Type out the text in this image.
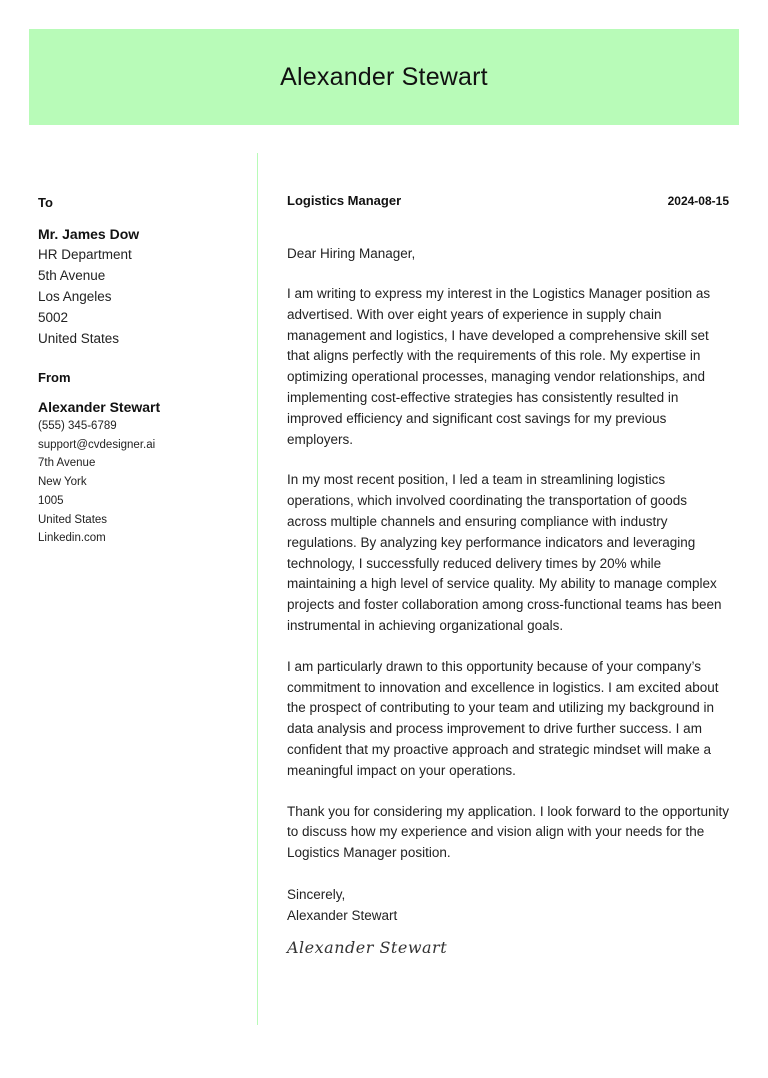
Alexander Stewart
To
Mr. James Dow
HR Department
5th Avenue
Los Angeles
5002
United States
From
Alexander Stewart
(555) 345-6789
support@cvdesigner.ai
7th Avenue
New York
1005
United States
Linkedin.com
Logistics Manager	2024-08-15
Dear Hiring Manager,

I am writing to express my interest in the Logistics Manager position as advertised. With over eight years of experience in supply chain management and logistics, I have developed a comprehensive skill set that aligns perfectly with the requirements of this role. My expertise in optimizing operational processes, managing vendor relationships, and implementing cost-effective strategies has consistently resulted in improved efficiency and significant cost savings for my previous employers.

In my most recent position, I led a team in streamlining logistics operations, which involved coordinating the transportation of goods across multiple channels and ensuring compliance with industry regulations. By analyzing key performance indicators and leveraging technology, I successfully reduced delivery times by 20% while maintaining a high level of service quality. My ability to manage complex projects and foster collaboration among cross-functional teams has been instrumental in achieving organizational goals.

I am particularly drawn to this opportunity because of your company’s commitment to innovation and excellence in logistics. I am excited about the prospect of contributing to your team and utilizing my background in data analysis and process improvement to drive further success. I am confident that my proactive approach and strategic mindset will make a meaningful impact on your operations.

Thank you for considering my application. I look forward to the opportunity to discuss how my experience and vision align with your needs for the Logistics Manager position.

Sincerely,
Alexander Stewart
Alexander Stewart
